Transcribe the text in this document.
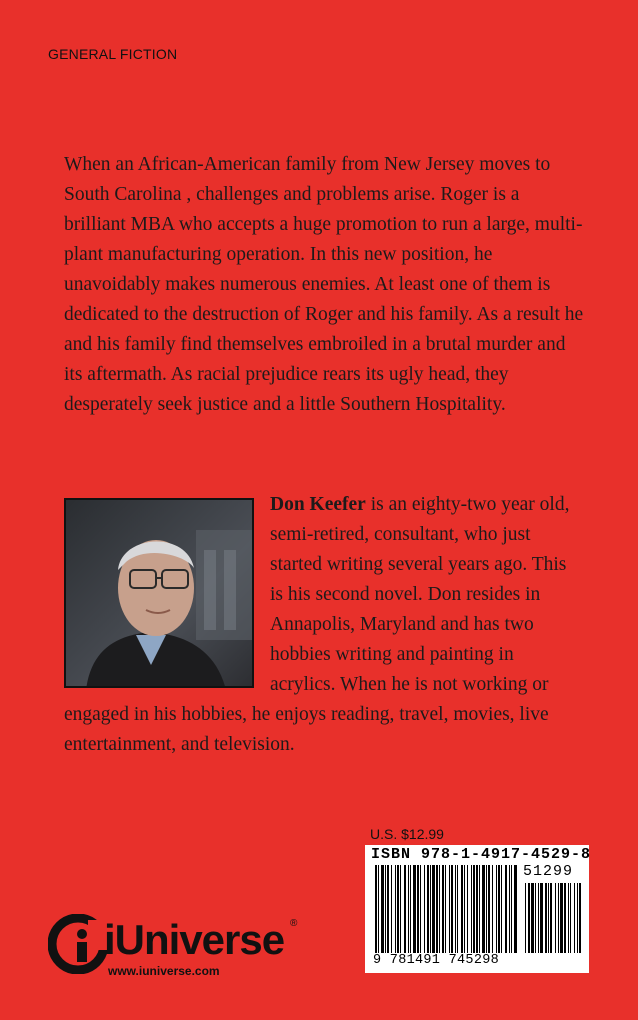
GENERAL FICTION
When an African-American family from New Jersey moves to South Carolina , challenges and problems arise. Roger is a brilliant MBA who accepts a huge promotion to run a large, multi-plant manufacturing operation. In this new position, he unavoidably makes numerous enemies. At least one of them is dedicated to the destruction of Roger and his family. As a result he and his family find themselves embroiled in a brutal murder and its aftermath. As racial prejudice rears its ugly head, they desperately seek justice and a little Southern Hospitality.
Don Keefer is an eighty-two year old, semi-retired, consultant, who just started writing several years ago. This is his second novel. Don resides in Annapolis, Maryland and has two hobbies writing and painting in acrylics. When he is not working or engaged in his hobbies, he enjoys reading, travel, movies, live entertainment, and television.
U.S. $12.99
ISBN 978-1-4917-4529-8
51299
9 781491 745298
iUniverse ®
www.iuniverse.com
